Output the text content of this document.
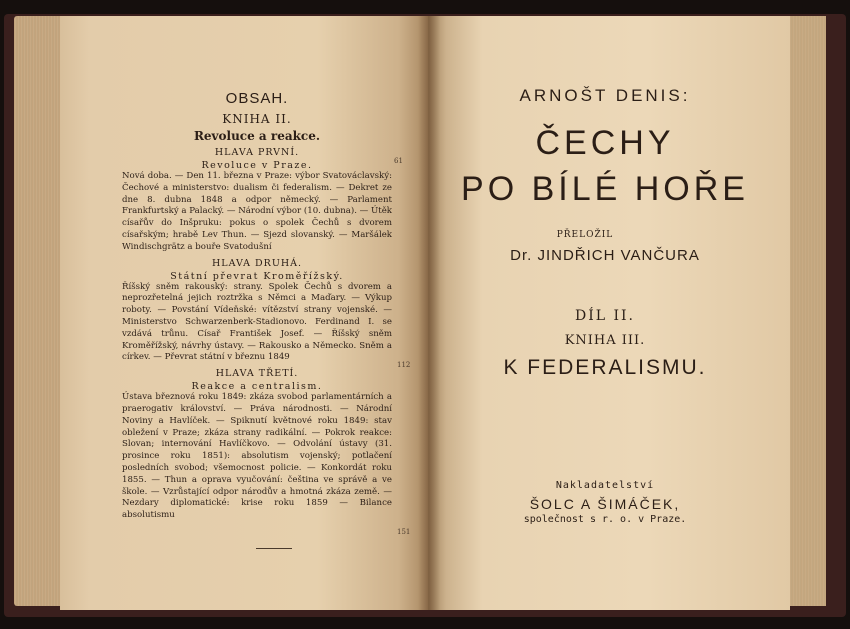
OBSAH.
KNIHA II.
Revoluce a reakce.
HLAVA PRVNÍ.
Revoluce v Praze.

Nová doba. — Den 11. března v Praze: výbor Svatováclavský: Čechové a ministerstvo: dualism či federalism. — Dekret ze dne 8. dubna 1848 a odpor německý. — Parlament Frankfurtský a Palacký. — Národní výbor (10. dubna). — Útěk císařův do Inšpruku: pokus o spolek Čechů s dvorem císařským; hrabě Lev Thun. — Sjezd slovanský. — Maršálek Windischgrätz a bouře Svatodušní

HLAVA DRUHÁ.
Státní převrat Kroměřížský.

Říšský sněm rakouský: strany. Spolek Čechů s dvorem a neprozřetelná jejich roztržka s Němci a Maďary. — Výkup roboty. — Povstání Vídeňské: vítězství strany vojenské. — Ministerstvo Schwarzenberk-Stadionovo. Ferdinand I. se vzdává trůnu. Císař František Josef. — Říšský sněm Kroměřížský, návrhy ústavy. — Rakousko a Německo. Sněm a církev. — Převrat státní v březnu 1849

HLAVA TŘETÍ.
Reakce a centralism.

Ústava březnová roku 1849: zkáza svobod parlamentárních a praerogativ království. — Práva národnosti. — Národní Noviny a Havlíček. — Spiknutí květnové roku 1849: stav obležení v Praze; zkáza strany radikální. — Pokrok reakce: Slovan; internování Havlíčkovo. — Odvolání ústavy (31. prosince roku 1851): absolutism vojenský; potlačení posledních svobod; všemocnost policie. — Konkordát roku 1855. — Thun a oprava vyučování: čeština ve správě a ve škole. — Vzrůstající odpor národův a hmotná zkáza země. — Nezdary diplomatické: krise roku 1859 — Bilance absolutismu

61
112
151
ARNOŠT DENIS:
ČECHY
PO BÍLÉ HOŘE
PŘELOŽIL
Dr. JINDŘICH VANČURA
DÍL II.
KNIHA III.
K FEDERALISMU.
Nakladatelství
ŠOLC A ŠIMÁČEK,
společnost s r. o. v Praze.
